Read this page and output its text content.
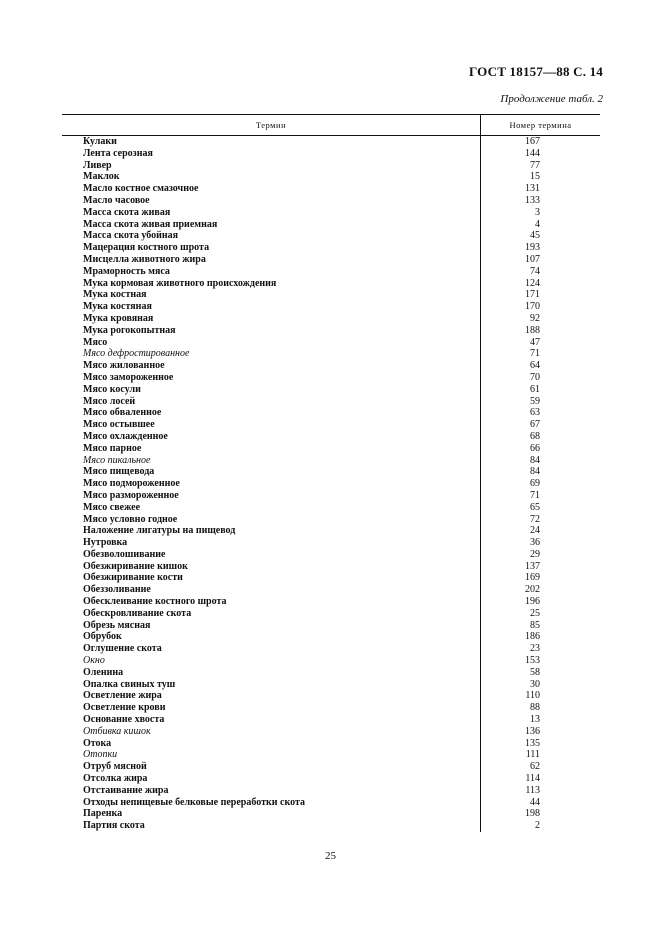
ГОСТ 18157—88 С. 14
Продолжение табл. 2
Термин	Номер термина
Кулаки	167
Лента серозная	144
Ливер	77
Маклок	15
Масло костное смазочное	131
Масло часовое	133
Масса скота живая	3
Масса скота живая приемная	4
Масса скота убойная	45
Мацерация костного шрота	193
Мисцелла животного жира	107
Мраморность мяса	74
Мука кормовая животного происхождения	124
Мука костная	171
Мука костяная	170
Мука кровяная	92
Мука рогокопытная	188
Мясо	47
Мясо дефростированное	71
Мясо жилованное	64
Мясо замороженное	70
Мясо косули	61
Мясо лосей	59
Мясо обваленное	63
Мясо остывшее	67
Мясо охлажденное	68
Мясо парное	66
Мясо пикальное	84
Мясо пищевода	84
Мясо подмороженное	69
Мясо размороженное	71
Мясо свежее	65
Мясо условно годное	72
Наложение лигатуры на пищевод	24
Нутровка	36
Обезволошивание	29
Обезжиривание кишок	137
Обезжиривание кости	169
Обеззоливание	202
Обесклеивание костного шрота	196
Обескровливание скота	25
Обрезь мясная	85
Обрубок	186
Оглушение скота	23
Окно	153
Оленина	58
Опалка свиных туш	30
Осветление жира	110
Осветление крови	88
Основание хвоста	13
Отбивка кишок	136
Отока	135
Отопки	111
Отруб мясной	62
Отсолка жира	114
Отстаивание жира	113
Отходы непищевые белковые переработки скота	44
Паренка	198
Партия скота	2
25
